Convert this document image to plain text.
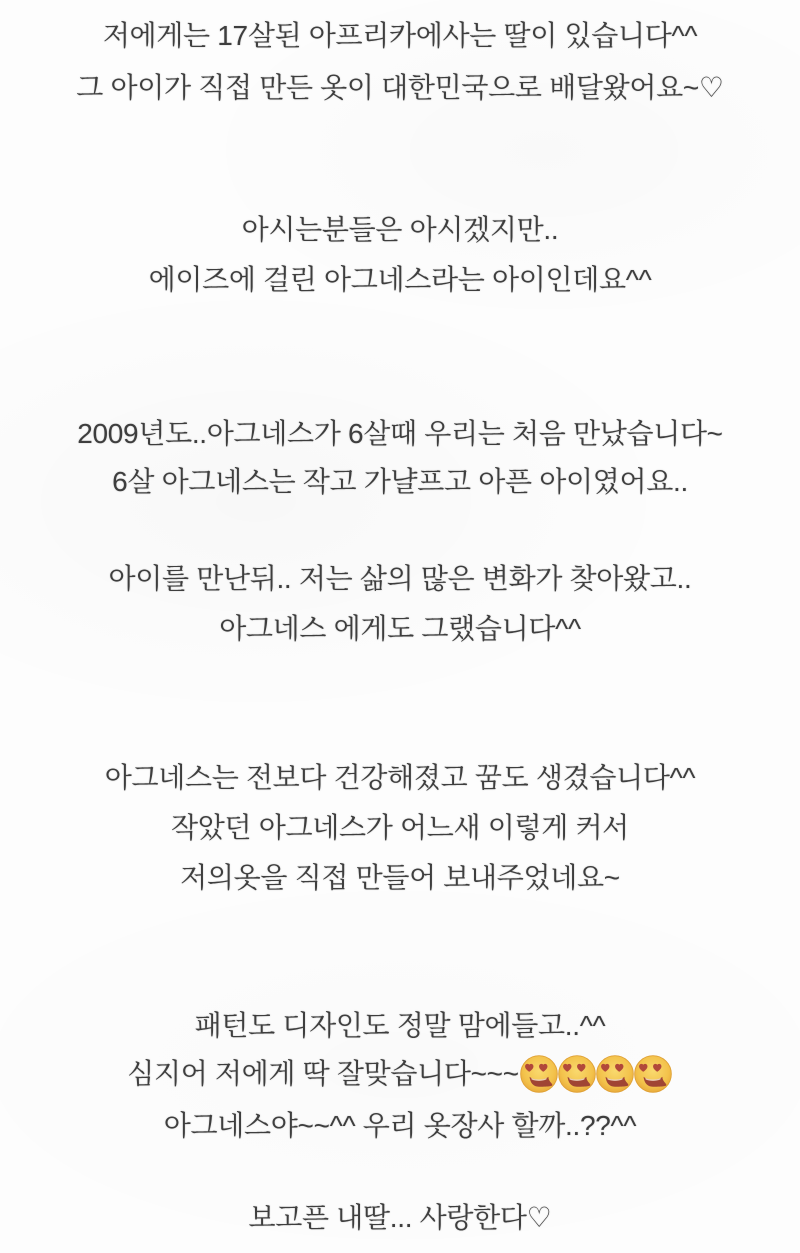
저에게는 17살된 아프리카에사는 딸이 있습니다^^
그 아이가 직접 만든 옷이 대한민국으로 배달왔어요~♡
아시는분들은 아시겠지만..
에이즈에 걸린 아그네스라는 아이인데요^^
2009년도..아그네스가 6살때 우리는 처음 만났습니다~
6살 아그네스는 작고 가냘프고 아픈 아이였어요..
아이를 만난뒤.. 저는 삶의 많은 변화가 찾아왔고..
아그네스 에게도 그랬습니다^^
아그네스는 전보다 건강해졌고 꿈도 생겼습니다^^
작았던 아그네스가 어느새 이렇게 커서
저의옷을 직접 만들어 보내주었네요~
패턴도 디자인도 정말 맘에들고..^^
심지어 저에게 딱 잘맞습니다~~~
아그네스야~~^^ 우리 옷장사 할까..??^^
보고픈 내딸... 사랑한다♡
